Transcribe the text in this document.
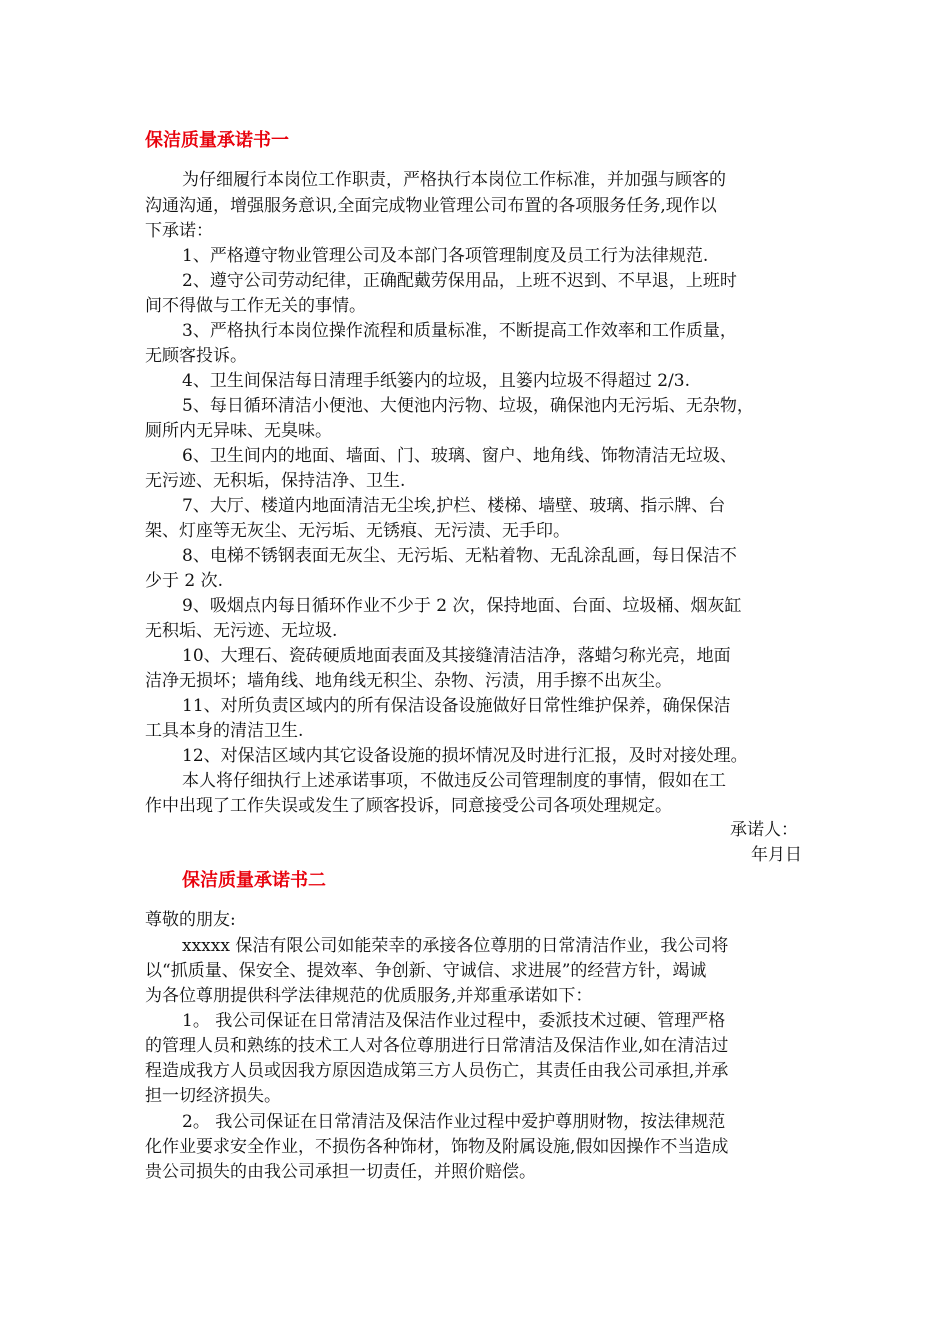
保洁质量承诺书一
为仔细履行本岗位工作职责，严格执行本岗位工作标准，并加强与顾客的
沟通沟通，增强服务意识,全面完成物业管理公司布置的各项服务任务,现作以
下承诺：
1、严格遵守物业管理公司及本部门各项管理制度及员工行为法律规范.
2、遵守公司劳动纪律，正确配戴劳保用品，上班不迟到、不早退，上班时
间不得做与工作无关的事情。
3、严格执行本岗位操作流程和质量标准，不断提高工作效率和工作质量，
无顾客投诉。
4、卫生间保洁每日清理手纸篓内的垃圾，且篓内垃圾不得超过 2/3.
5、每日循环清洁小便池、大便池内污物、垃圾，确保池内无污垢、无杂物，
厕所内无异味、无臭味。
6、卫生间内的地面、墙面、门、玻璃、窗户、地角线、饰物清洁无垃圾、
无污迹、无积垢，保持洁净、卫生.
7、大厅、楼道内地面清洁无尘埃,护栏、楼梯、墙壁、玻璃、指示牌、台
架、灯座等无灰尘、无污垢、无锈痕、无污渍、无手印。
8、电梯不锈钢表面无灰尘、无污垢、无粘着物、无乱涂乱画，每日保洁不
少于 2 次.
9、吸烟点内每日循环作业不少于 2 次，保持地面、台面、垃圾桶、烟灰缸
无积垢、无污迹、无垃圾.
10、大理石、瓷砖硬质地面表面及其接缝清洁洁净，落蜡匀称光亮，地面
洁净无损坏；墙角线、地角线无积尘、杂物、污渍，用手擦不出灰尘。
11、对所负责区域内的所有保洁设备设施做好日常性维护保养，确保保洁
工具本身的清洁卫生.
12、对保洁区域内其它设备设施的损坏情况及时进行汇报，及时对接处理。
本人将仔细执行上述承诺事项，不做违反公司管理制度的事情，假如在工
作中出现了工作失误或发生了顾客投诉，同意接受公司各项处理规定。
承诺人：
年月日
保洁质量承诺书二
尊敬的朋友:
xxxxx 保洁有限公司如能荣幸的承接各位尊朋的日常清洁作业，我公司将
以“抓质量、保安全、提效率、争创新、守诚信、求进展”的经营方针，竭诚
为各位尊朋提供科学法律规范的优质服务,并郑重承诺如下：
1。 我公司保证在日常清洁及保洁作业过程中，委派技术过硬、管理严格
的管理人员和熟练的技术工人对各位尊朋进行日常清洁及保洁作业,如在清洁过
程造成我方人员或因我方原因造成第三方人员伤亡，其责任由我公司承担,并承
担一切经济损失。
2。 我公司保证在日常清洁及保洁作业过程中爱护尊朋财物，按法律规范
化作业要求安全作业，不损伤各种饰材，饰物及附属设施,假如因操作不当造成
贵公司损失的由我公司承担一切责任，并照价赔偿。
